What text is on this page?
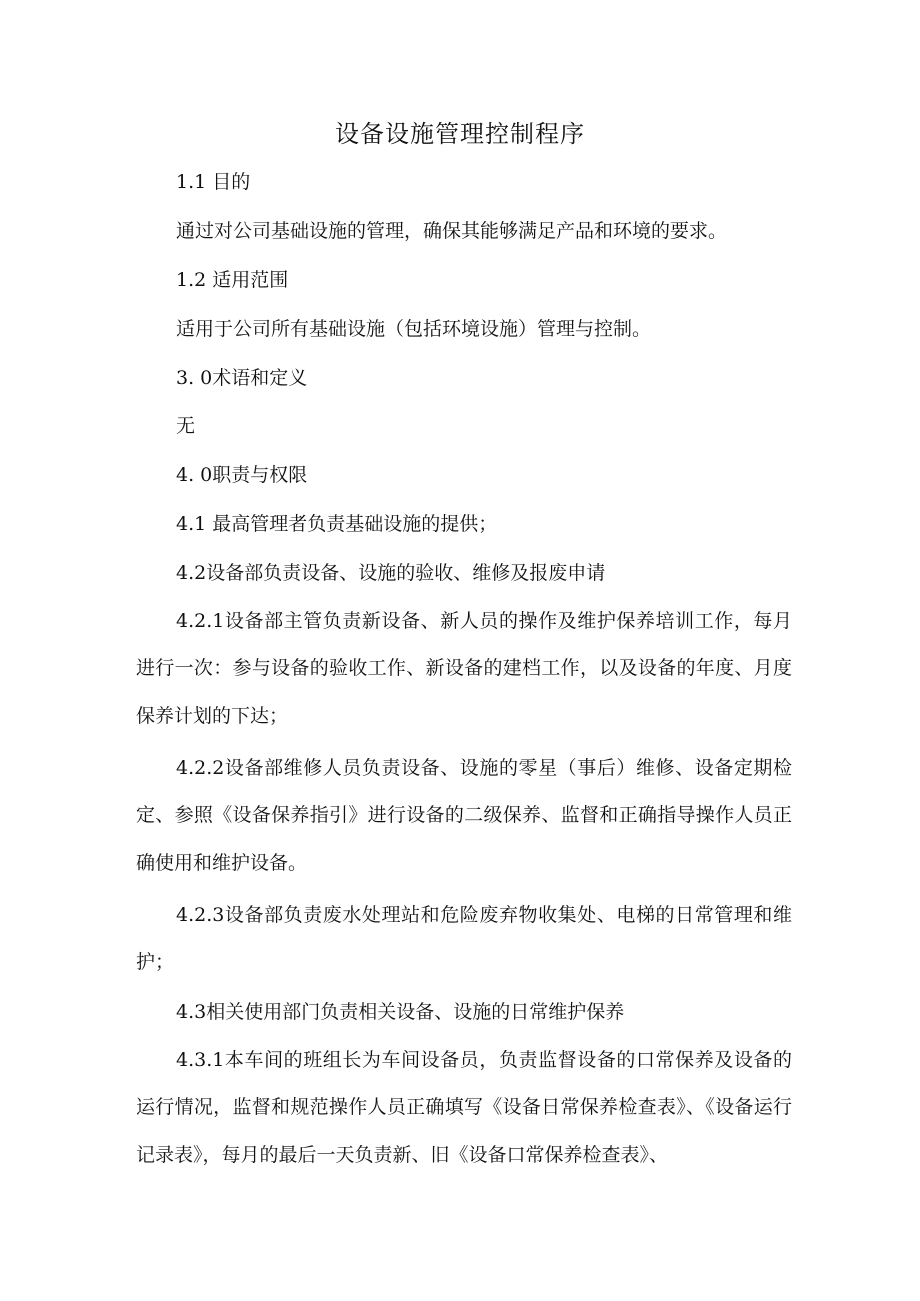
设备设施管理控制程序
1.1 目的
通过对公司基础设施的管理，确保其能够满足产品和环境的要求。
1.2 适用范围
适用于公司所有基础设施（包括环境设施）管理与控制。
3. 0术语和定义
无
4. 0职责与权限
4.1 最高管理者负责基础设施的提供；
4.2设备部负责设备、设施的验收、维修及报废申请
4.2.1设备部主管负责新设备、新人员的操作及维护保养培训工作，每月进行一次：参与设备的验收工作、新设备的建档工作，以及设备的年度、月度保养计划的下达；
4.2.2设备部维修人员负责设备、设施的零星（事后）维修、设备定期检定、参照《设备保养指引》进行设备的二级保养、监督和正确指导操作人员正确使用和维护设备。
4.2.3设备部负责废水处理站和危险废弃物收集处、电梯的日常管理和维护；
4.3相关使用部门负责相关设备、设施的日常维护保养
4.3.1本车间的班组长为车间设备员，负责监督设备的口常保养及设备的运行情况，监督和规范操作人员正确填写《设备日常保养检查表》、《设备运行记录表》，每月的最后一天负责新、旧《设备口常保养检查表》、
